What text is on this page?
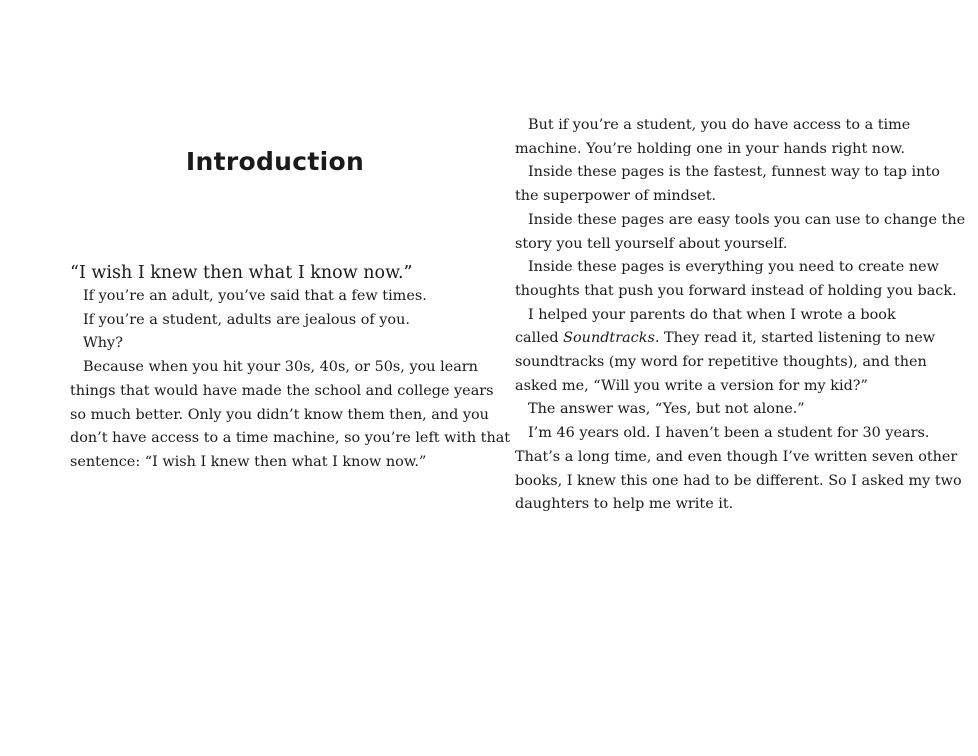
Introduction

“I wish I knew then what I know now.”

If you’re an adult, you’ve said that a few times.
If you’re a student, adults are jealous of you.
Why?
Because when you hit your 30s, 40s, or 50s, you learn
things that would have made the school and college years
so much better. Only you didn’t know them then, and you
don’t have access to a time machine, so you’re left with that
sentence: “I wish I knew then what I know now.”
But if you’re a student, you do have access to a time
machine. You’re holding one in your hands right now.
Inside these pages is the fastest, funnest way to tap into
the superpower of mindset.
Inside these pages are easy tools you can use to change the
story you tell yourself about yourself.
Inside these pages is everything you need to create new
thoughts that push you forward instead of holding you back.
I helped your parents do that when I wrote a book
called Soundtracks. They read it, started listening to new
soundtracks (my word for repetitive thoughts), and then
asked me, “Will you write a version for my kid?”
The answer was, “Yes, but not alone.”
I’m 46 years old. I haven’t been a student for 30 years.
That’s a long time, and even though I’ve written seven other
books, I knew this one had to be different. So I asked my two
daughters to help me write it.
